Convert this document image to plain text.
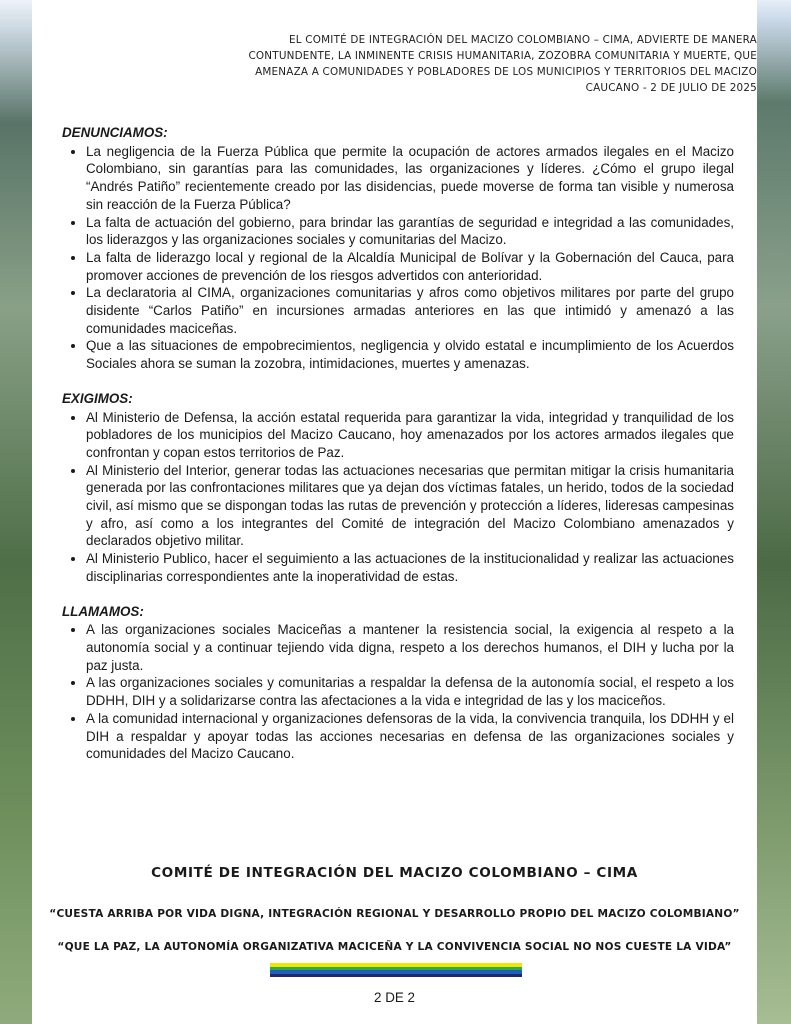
EL COMITÉ DE INTEGRACIÓN DEL MACIZO COLOMBIANO – CIMA, ADVIERTE DE MANERA
CONTUNDENTE, LA INMINENTE CRISIS HUMANITARIA, ZOZOBRA COMUNITARIA Y MUERTE, QUE
AMENAZA A COMUNIDADES Y POBLADORES DE LOS MUNICIPIOS Y TERRITORIOS DEL MACIZO
CAUCANO - 2 DE JULIO DE 2025
DENUNCIAMOS:
• La negligencia de la Fuerza Pública que permite la ocupación de actores armados ilegales en el Macizo Colombiano, sin garantías para las comunidades, las organizaciones y líderes. ¿Cómo el grupo ilegal “Andrés Patiño” recientemente creado por las disidencias, puede moverse de forma tan visible y numerosa sin reacción de la Fuerza Pública?
• La falta de actuación del gobierno, para brindar las garantías de seguridad e integridad a las comunidades, los liderazgos y las organizaciones sociales y comunitarias del Macizo.
• La falta de liderazgo local y regional de la Alcaldía Municipal de Bolívar y la Gobernación del Cauca, para promover acciones de prevención de los riesgos advertidos con anterioridad.
• La declaratoria al CIMA, organizaciones comunitarias y afros como objetivos militares por parte del grupo disidente “Carlos Patiño” en incursiones armadas anteriores en las que intimidó y amenazó a las comunidades maciceñas.
• Que a las situaciones de empobrecimientos, negligencia y olvido estatal e incumplimiento de los Acuerdos Sociales ahora se suman la zozobra, intimidaciones, muertes y amenazas.
EXIGIMOS:
• Al Ministerio de Defensa, la acción estatal requerida para garantizar la vida, integridad y tranquilidad de los pobladores de los municipios del Macizo Caucano, hoy amenazados por los actores armados ilegales que confrontan y copan estos territorios de Paz.
• Al Ministerio del Interior, generar todas las actuaciones necesarias que permitan mitigar la crisis humanitaria generada por las confrontaciones militares que ya dejan dos víctimas fatales, un herido, todos de la sociedad civil, así mismo que se dispongan todas las rutas de prevención y protección a líderes, lideresas campesinas y afro, así como a los integrantes del Comité de integración del Macizo Colombiano amenazados y declarados objetivo militar.
• Al Ministerio Publico, hacer el seguimiento a las actuaciones de la institucionalidad y realizar las actuaciones disciplinarias correspondientes ante la inoperatividad de estas.
LLAMAMOS:
• A las organizaciones sociales Maciceñas a mantener la resistencia social, la exigencia al respeto a la autonomía social y a continuar tejiendo vida digna, respeto a los derechos humanos, el DIH y lucha por la paz justa.
• A las organizaciones sociales y comunitarias a respaldar la defensa de la autonomía social, el respeto a los DDHH, DIH y a solidarizarse contra las afectaciones a la vida e integridad de las y los maciceños.
• A la comunidad internacional y organizaciones defensoras de la vida, la convivencia tranquila, los DDHH y el DIH a respaldar y apoyar todas las acciones necesarias en defensa de las organizaciones sociales y comunidades del Macizo Caucano.
COMITÉ DE INTEGRACIÓN DEL MACIZO COLOMBIANO – CIMA
“CUESTA ARRIBA POR VIDA DIGNA, INTEGRACIÓN REGIONAL Y DESARROLLO PROPIO DEL MACIZO COLOMBIANO”
“QUE LA PAZ, LA AUTONOMÍA ORGANIZATIVA MACICEÑA Y LA CONVIVENCIA SOCIAL NO NOS CUESTE LA VIDA”
2 DE 2
